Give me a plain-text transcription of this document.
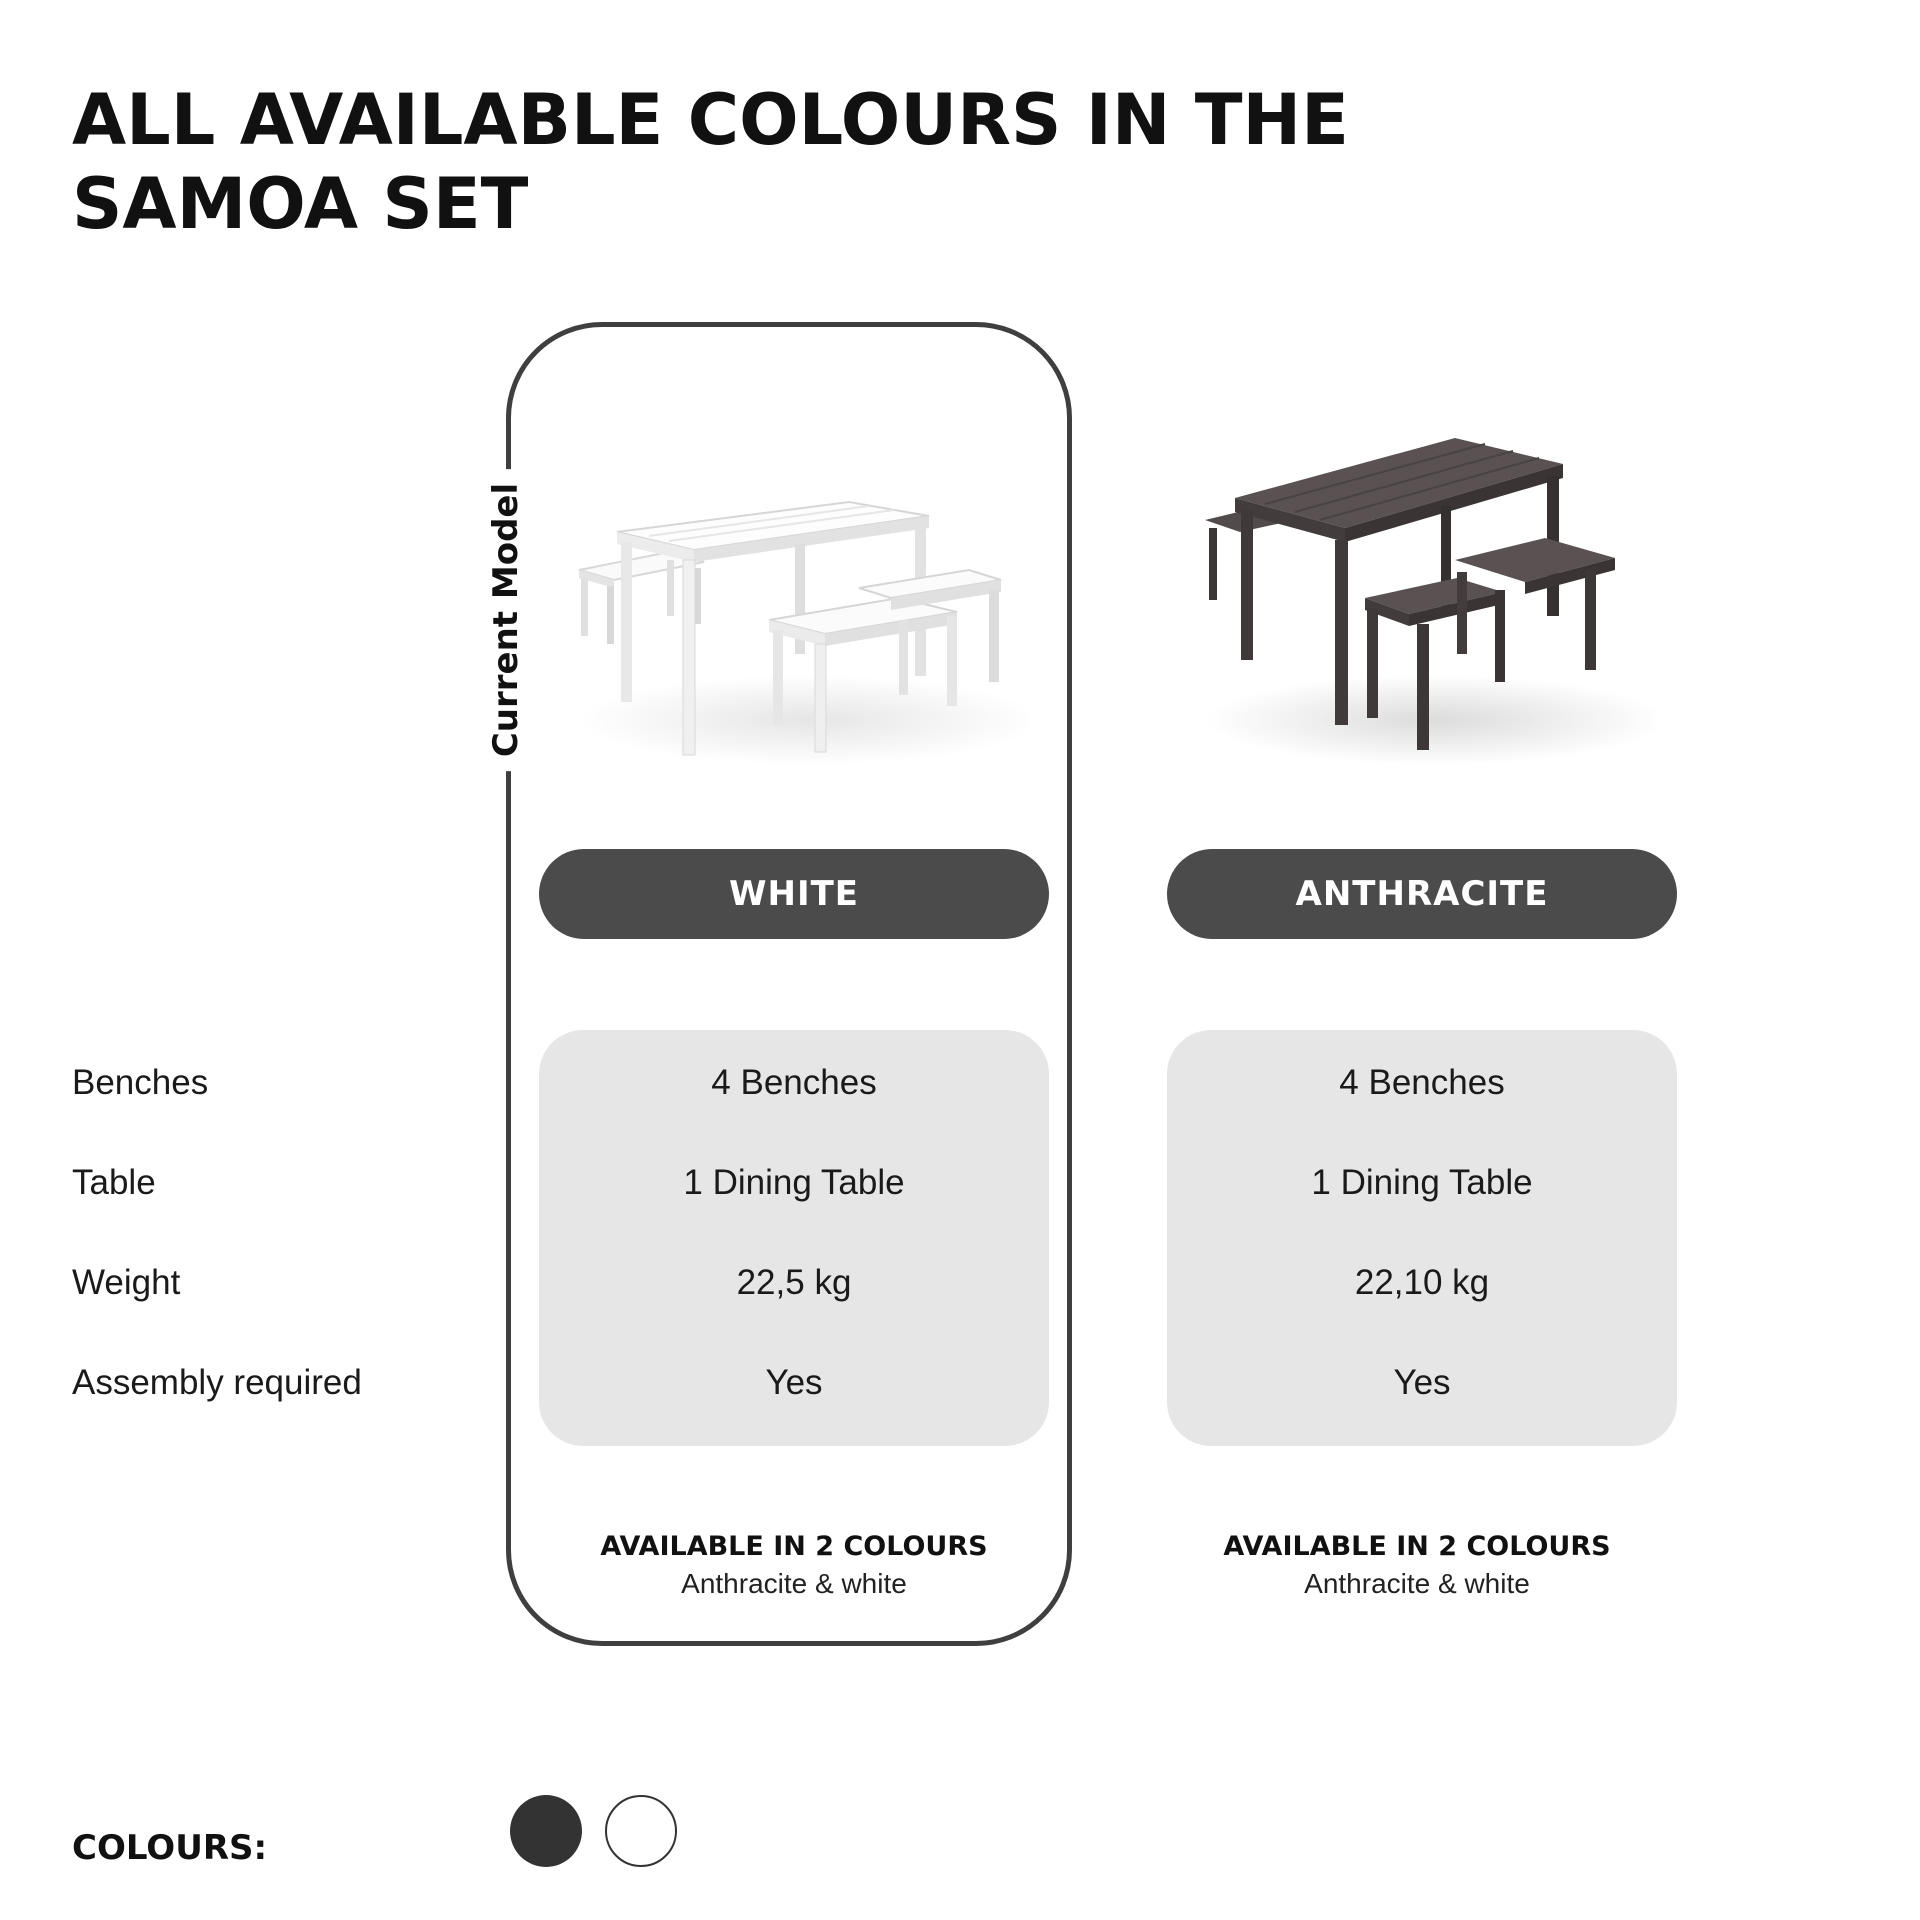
ALL AVAILABLE COLOURS IN THE SAMOA SET
Current Model
WHITE	ANTHRACITE
Benches
Table
Weight
Assembly required
4 Benches
1 Dining Table
22,5 kg
Yes
4 Benches
1 Dining Table
22,10 kg
Yes
AVAILABLE IN 2 COLOURS
Anthracite & white
AVAILABLE IN 2 COLOURS
Anthracite & white
COLOURS:
